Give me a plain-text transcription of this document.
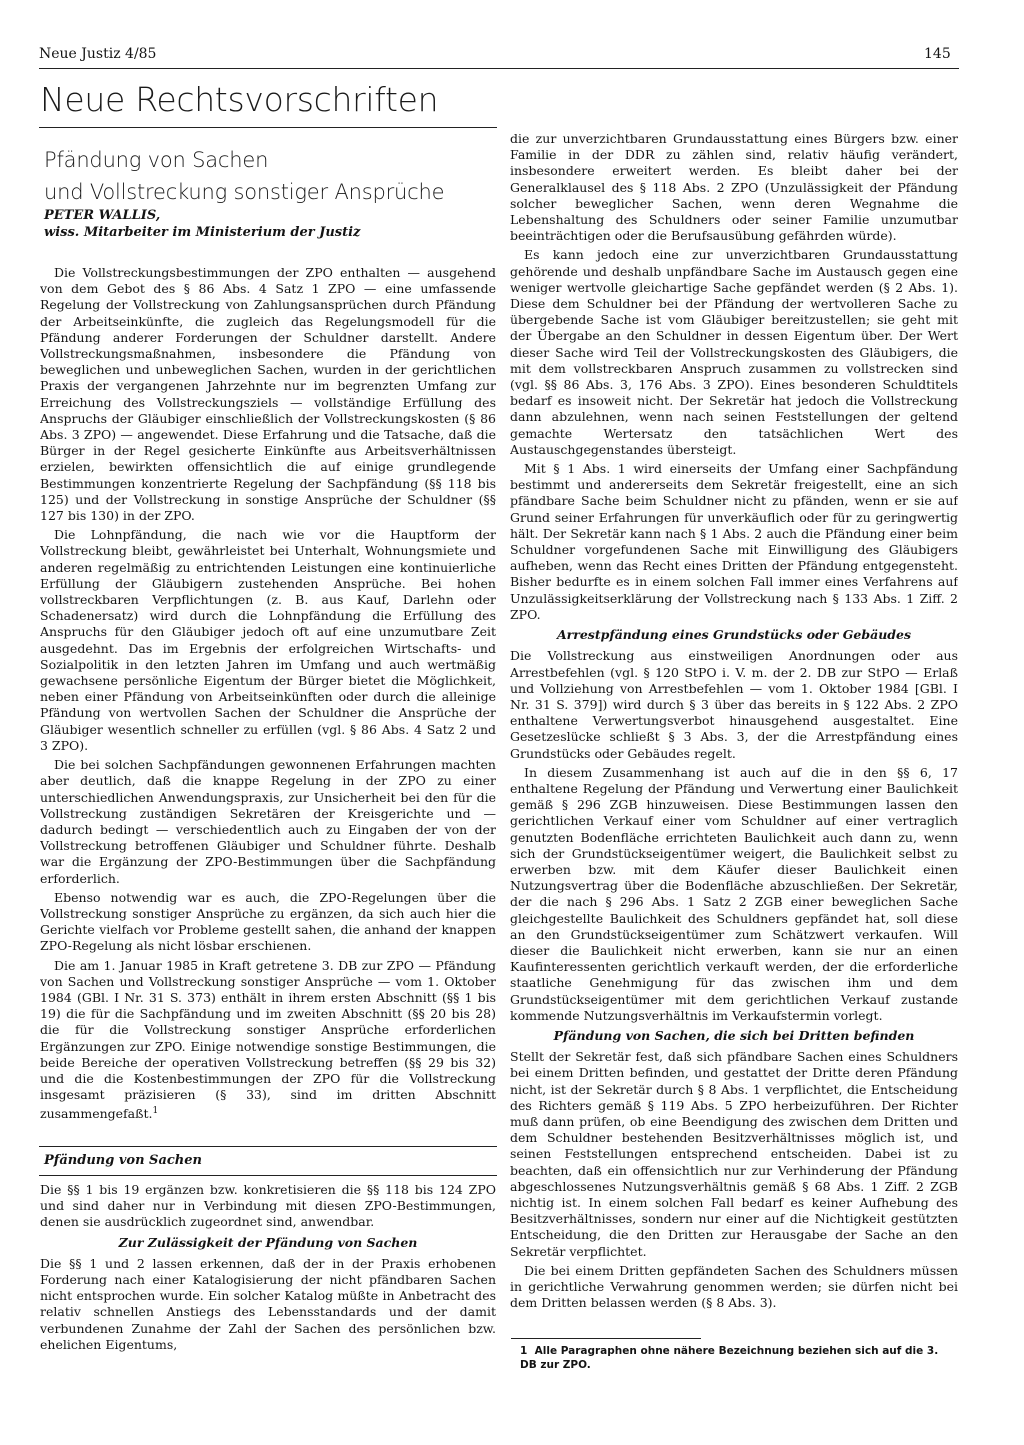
Neue Justiz 4/85	145
Neue Rechtsvorschriften
Pfändung von Sachen
und Vollstreckung sonstiger Ansprüche
PETER WALLIS,
wiss. Mitarbeiter im Ministerium der Justiz

Die Vollstreckungsbestimmungen der ZPO enthalten — ausgehend von dem Gebot des § 86 Abs. 4 Satz 1 ZPO — eine umfassende Regelung der Vollstreckung von Zahlungsansprüchen durch Pfändung der Arbeitseinkünfte, die zugleich das Regelungsmodell für die Pfändung anderer Forderungen der Schuldner darstellt. Andere Vollstreckungsmaßnahmen, insbesondere die Pfändung von beweglichen und unbeweglichen Sachen, wurden in der gerichtlichen Praxis der vergangenen Jahrzehnte nur im begrenzten Umfang zur Erreichung des Vollstreckungsziels — vollständige Erfüllung des Anspruchs der Gläubiger einschließlich der Vollstreckungskosten (§ 86 Abs. 3 ZPO) — angewendet. Diese Erfahrung und die Tatsache, daß die Bürger in der Regel gesicherte Einkünfte aus Arbeitsverhältnissen erzielen, bewirkten offensichtlich die auf einige grundlegende Bestimmungen konzentrierte Regelung der Sachpfändung (§§ 118 bis 125) und der Vollstreckung in sonstige Ansprüche der Schuldner (§§ 127 bis 130) in der ZPO.

Die Lohnpfändung, die nach wie vor die Hauptform der Vollstreckung bleibt, gewährleistet bei Unterhalt, Wohnungsmiete und anderen regelmäßig zu entrichtenden Leistungen eine kontinuierliche Erfüllung der Gläubigern zustehenden Ansprüche. Bei hohen vollstreckbaren Verpflichtungen (z. B. aus Kauf, Darlehn oder Schadenersatz) wird durch die Lohnpfändung die Erfüllung des Anspruchs für den Gläubiger jedoch oft auf eine unzumutbare Zeit ausgedehnt. Das im Ergebnis der erfolgreichen Wirtschafts- und Sozialpolitik in den letzten Jahren im Umfang und auch wertmäßig gewachsene persönliche Eigentum der Bürger bietet die Möglichkeit, neben einer Pfändung von Arbeitseinkünften oder durch die alleinige Pfändung von wertvollen Sachen der Schuldner die Ansprüche der Gläubiger wesentlich schneller zu erfüllen (vgl. § 86 Abs. 4 Satz 2 und 3 ZPO).

Die bei solchen Sachpfändungen gewonnenen Erfahrungen machten aber deutlich, daß die knappe Regelung in der ZPO zu einer unterschiedlichen Anwendungspraxis, zur Unsicherheit bei den für die Vollstreckung zuständigen Sekretären der Kreisgerichte und — dadurch bedingt — verschiedentlich auch zu Eingaben der von der Vollstreckung betroffenen Gläubiger und Schuldner führte. Deshalb war die Ergänzung der ZPO-Bestimmungen über die Sachpfändung erforderlich.

Ebenso notwendig war es auch, die ZPO-Regelungen über die Vollstreckung sonstiger Ansprüche zu ergänzen, da sich auch hier die Gerichte vielfach vor Probleme gestellt sahen, die anhand der knappen ZPO-Regelung als nicht lösbar erschienen.

Die am 1. Januar 1985 in Kraft getretene 3. DB zur ZPO — Pfändung von Sachen und Vollstreckung sonstiger Ansprüche — vom 1. Oktober 1984 (GBl. I Nr. 31 S. 373) enthält in ihrem ersten Abschnitt (§§ 1 bis 19) die für die Sachpfändung und im zweiten Abschnitt (§§ 20 bis 28) die für die Vollstreckung sonstiger Ansprüche erforderlichen Ergänzungen zur ZPO. Einige notwendige sonstige Bestimmungen, die beide Bereiche der operativen Vollstreckung betreffen (§§ 29 bis 32) und die die Kostenbestimmungen der ZPO für die Vollstreckung insgesamt präzisieren (§ 33), sind im dritten Abschnitt zusammengefaßt.$^1$

Pfändung von Sachen

Die §§ 1 bis 19 ergänzen bzw. konkretisieren die §§ 118 bis 124 ZPO und sind daher nur in Verbindung mit diesen ZPO-Bestimmungen, denen sie ausdrücklich zugeordnet sind, anwendbar.

Zur Zulässigkeit der Pfändung von Sachen

Die §§ 1 und 2 lassen erkennen, daß der in der Praxis erhobenen Forderung nach einer Katalogisierung der nicht pfändbaren Sachen nicht entsprochen wurde. Ein solcher Katalog müßte in Anbetracht des relativ schnellen Anstiegs des Lebensstandards und der damit verbundenen Zunahme der Zahl der Sachen des persönlichen bzw. ehelichen Eigentums,

die zur unverzichtbaren Grundausstattung eines Bürgers bzw. einer Familie in der DDR zu zählen sind, relativ häufig verändert, insbesondere erweitert werden. Es bleibt daher bei der Generalklausel des § 118 Abs. 2 ZPO (Unzulässigkeit der Pfändung solcher beweglicher Sachen, wenn deren Wegnahme die Lebenshaltung des Schuldners oder seiner Familie unzumutbar beeinträchtigen oder die Berufsausübung gefährden würde).

Es kann jedoch eine zur unverzichtbaren Grundausstattung gehörende und deshalb unpfändbare Sache im Austausch gegen eine weniger wertvolle gleichartige Sache gepfändet werden (§ 2 Abs. 1). Diese dem Schuldner bei der Pfändung der wertvolleren Sache zu übergebende Sache ist vom Gläubiger bereitzustellen; sie geht mit der Übergabe an den Schuldner in dessen Eigentum über. Der Wert dieser Sache wird Teil der Vollstreckungskosten des Gläubigers, die mit dem vollstreckbaren Anspruch zusammen zu vollstrecken sind (vgl. §§ 86 Abs. 3, 176 Abs. 3 ZPO). Eines besonderen Schuldtitels bedarf es insoweit nicht. Der Sekretär hat jedoch die Vollstreckung dann abzulehnen, wenn nach seinen Feststellungen der geltend gemachte Wertersatz den tatsächlichen Wert des Austauschgegenstandes übersteigt.

Mit § 1 Abs. 1 wird einerseits der Umfang einer Sachpfändung bestimmt und andererseits dem Sekretär freigestellt, eine an sich pfändbare Sache beim Schuldner nicht zu pfänden, wenn er sie auf Grund seiner Erfahrungen für unverkäuflich oder für zu geringwertig hält. Der Sekretär kann nach § 1 Abs. 2 auch die Pfändung einer beim Schuldner vorgefundenen Sache mit Einwilligung des Gläubigers aufheben, wenn das Recht eines Dritten der Pfändung entgegensteht. Bisher bedurfte es in einem solchen Fall immer eines Verfahrens auf Unzulässigkeitserklärung der Vollstreckung nach § 133 Abs. 1 Ziff. 2 ZPO.

Arrestpfändung eines Grundstücks oder Gebäudes

Die Vollstreckung aus einstweiligen Anordnungen oder aus Arrestbefehlen (vgl. § 120 StPO i. V. m. der 2. DB zur StPO — Erlaß und Vollziehung von Arrestbefehlen — vom 1. Oktober 1984 [GBl. I Nr. 31 S. 379]) wird durch § 3 über das bereits in § 122 Abs. 2 ZPO enthaltene Verwertungsverbot hinausgehend ausgestaltet. Eine Gesetzeslücke schließt § 3 Abs. 3, der die Arrestpfändung eines Grundstücks oder Gebäudes regelt.

In diesem Zusammenhang ist auch auf die in den §§ 6, 17 enthaltene Regelung der Pfändung und Verwertung einer Baulichkeit gemäß § 296 ZGB hinzuweisen. Diese Bestimmungen lassen den gerichtlichen Verkauf einer vom Schuldner auf einer vertraglich genutzten Bodenfläche errichteten Baulichkeit auch dann zu, wenn sich der Grundstückseigentümer weigert, die Baulichkeit selbst zu erwerben bzw. mit dem Käufer dieser Baulichkeit einen Nutzungsvertrag über die Bodenfläche abzuschließen. Der Sekretär, der die nach § 296 Abs. 1 Satz 2 ZGB einer beweglichen Sache gleichgestellte Baulichkeit des Schuldners gepfändet hat, soll diese an den Grundstückseigentümer zum Schätzwert verkaufen. Will dieser die Baulichkeit nicht erwerben, kann sie nur an einen Kaufinteressenten gerichtlich verkauft werden, der die erforderliche staatliche Genehmigung für das zwischen ihm und dem Grundstückseigentümer mit dem gerichtlichen Verkauf zustande kommende Nutzungsverhältnis im Verkaufstermin vorlegt.

Pfändung von Sachen, die sich bei Dritten befinden

Stellt der Sekretär fest, daß sich pfändbare Sachen eines Schuldners bei einem Dritten befinden, und gestattet der Dritte deren Pfändung nicht, ist der Sekretär durch § 8 Abs. 1 verpflichtet, die Entscheidung des Richters gemäß § 119 Abs. 5 ZPO herbeizuführen. Der Richter muß dann prüfen, ob eine Beendigung des zwischen dem Dritten und dem Schuldner bestehenden Besitzverhältnisses möglich ist, und seinen Feststellungen entsprechend entscheiden. Dabei ist zu beachten, daß ein offensichtlich nur zur Verhinderung der Pfändung abgeschlossenes Nutzungsverhältnis gemäß § 68 Abs. 1 Ziff. 2 ZGB nichtig ist. In einem solchen Fall bedarf es keiner Aufhebung des Besitzverhältnisses, sondern nur einer auf die Nichtigkeit gestützten Entscheidung, die den Dritten zur Herausgabe der Sache an den Sekretär verpflichtet.

Die bei einem Dritten gepfändeten Sachen des Schuldners müssen in gerichtliche Verwahrung genommen werden; sie dürfen nicht bei dem Dritten belassen werden (§ 8 Abs. 3).

1 Alle Paragraphen ohne nähere Bezeichnung beziehen sich auf die 3. DB zur ZPO.
